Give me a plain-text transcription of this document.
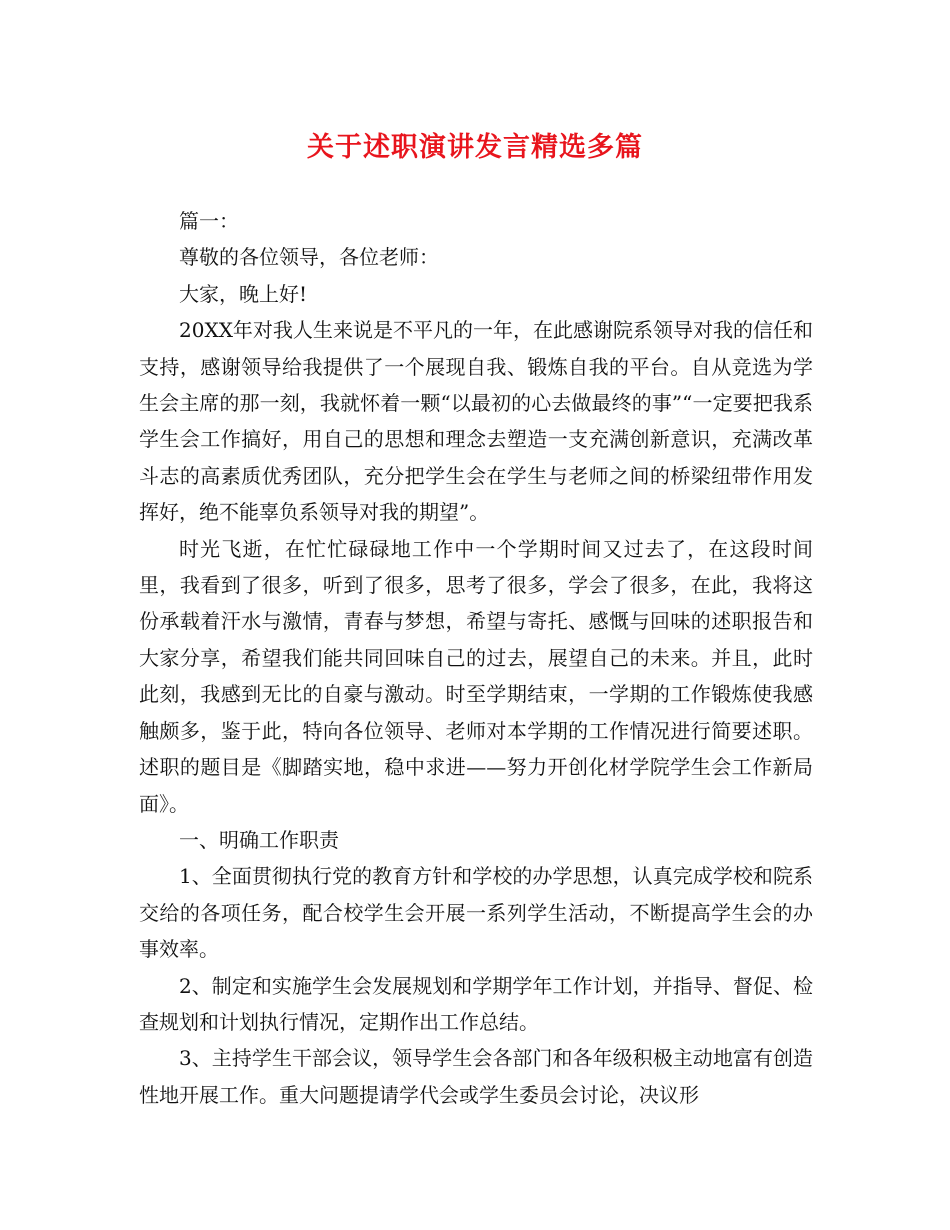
关于述职演讲发言精选多篇

篇一：

尊敬的各位领导，各位老师：

大家，晚上好!

20XX年对我人生来说是不平凡的一年，在此感谢院系领导对我的信任和支持，感谢领导给我提供了一个展现自我、锻炼自我的平台。自从竞选为学生会主席的那一刻，我就怀着一颗“以最初的心去做最终的事”“一定要把我系学生会工作搞好，用自己的思想和理念去塑造一支充满创新意识，充满改革斗志的高素质优秀团队，充分把学生会在学生与老师之间的桥梁纽带作用发挥好，绝不能辜负系领导对我的期望”。

时光飞逝，在忙忙碌碌地工作中一个学期时间又过去了，在这段时间里，我看到了很多，听到了很多，思考了很多，学会了很多，在此，我将这份承载着汗水与激情，青春与梦想，希望与寄托、感慨与回味的述职报告和大家分享，希望我们能共同回味自己的过去，展望自己的未来。并且，此时此刻，我感到无比的自豪与激动。时至学期结束，一学期的工作锻炼使我感触颇多，鉴于此，特向各位领导、老师对本学期的工作情况进行简要述职。述职的题目是《脚踏实地，稳中求进——努力开创化材学院学生会工作新局面》。

一、明确工作职责

1、全面贯彻执行党的教育方针和学校的办学思想，认真完成学校和院系交给的各项任务，配合校学生会开展一系列学生活动，不断提高学生会的办事效率。

2、制定和实施学生会发展规划和学期学年工作计划，并指导、督促、检查规划和计划执行情况，定期作出工作总结。

3、主持学生干部会议，领导学生会各部门和各年级积极主动地富有创造性地开展工作。重大问题提请学代会或学生委员会讨论，决议形
